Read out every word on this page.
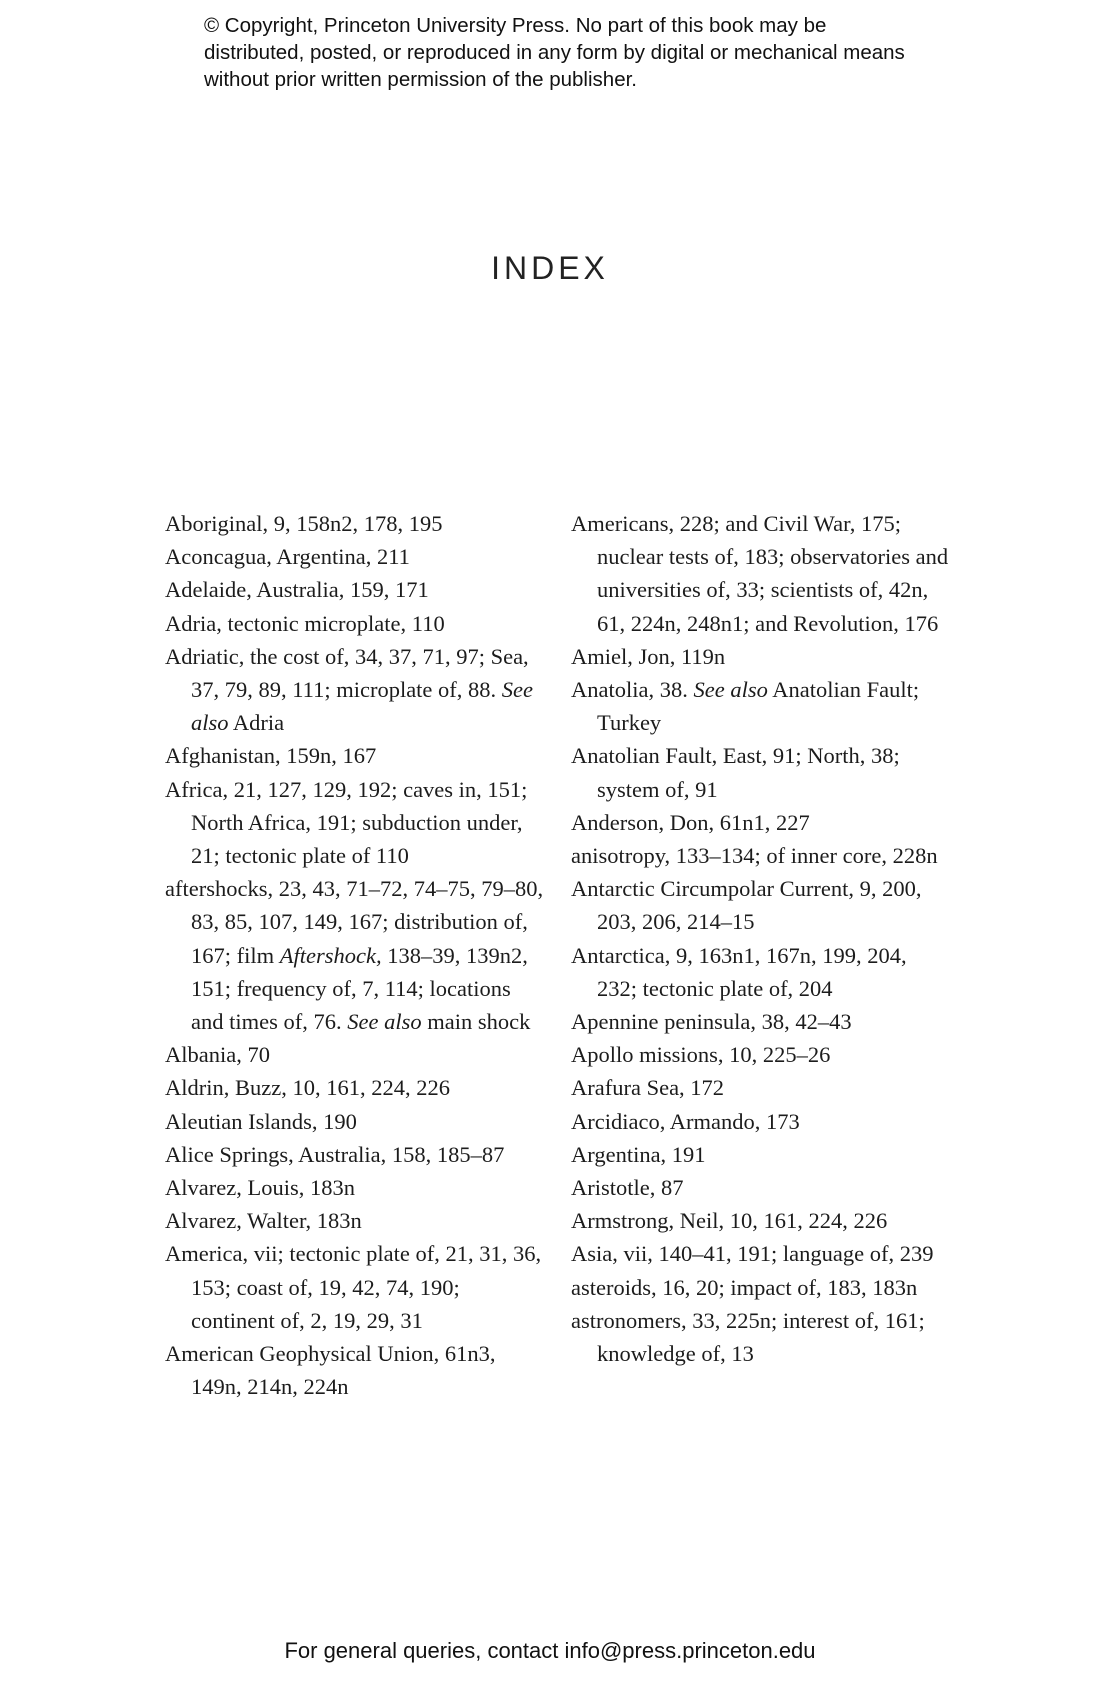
© Copyright, Princeton University Press. No part of this book may be distributed, posted, or reproduced in any form by digital or mechanical means without prior written permission of the publisher.
INDEX
Aboriginal, 9, 158n2, 178, 195
Aconcagua, Argentina, 211
Adelaide, Australia, 159, 171
Adria, tectonic microplate, 110
Adriatic, the cost of, 34, 37, 71, 97; Sea, 37, 79, 89, 111; microplate of, 88. See also Adria
Afghanistan, 159n, 167
Africa, 21, 127, 129, 192; caves in, 151; North Africa, 191; subduction under, 21; tectonic plate of 110
aftershocks, 23, 43, 71–72, 74–75, 79–80, 83, 85, 107, 149, 167; distribution of, 167; film Aftershock, 138–39, 139n2, 151; frequency of, 7, 114; locations and times of, 76. See also main shock
Albania, 70
Aldrin, Buzz, 10, 161, 224, 226
Aleutian Islands, 190
Alice Springs, Australia, 158, 185–87
Alvarez, Louis, 183n
Alvarez, Walter, 183n
America, vii; tectonic plate of, 21, 31, 36, 153; coast of, 19, 42, 74, 190; continent of, 2, 19, 29, 31
American Geophysical Union, 61n3, 149n, 214n, 224n
Americans, 228; and Civil War, 175; nuclear tests of, 183; observatories and universities of, 33; scientists of, 42n, 61, 224n, 248n1; and Revolution, 176
Amiel, Jon, 119n
Anatolia, 38. See also Anatolian Fault; Turkey
Anatolian Fault, East, 91; North, 38; system of, 91
Anderson, Don, 61n1, 227
anisotropy, 133–134; of inner core, 228n
Antarctic Circumpolar Current, 9, 200, 203, 206, 214–15
Antarctica, 9, 163n1, 167n, 199, 204, 232; tectonic plate of, 204
Apennine peninsula, 38, 42–43
Apollo missions, 10, 225–26
Arafura Sea, 172
Arcidiaco, Armando, 173
Argentina, 191
Aristotle, 87
Armstrong, Neil, 10, 161, 224, 226
Asia, vii, 140–41, 191; language of, 239
asteroids, 16, 20; impact of, 183, 183n
astronomers, 33, 225n; interest of, 161; knowledge of, 13
For general queries, contact info@press.princeton.edu
